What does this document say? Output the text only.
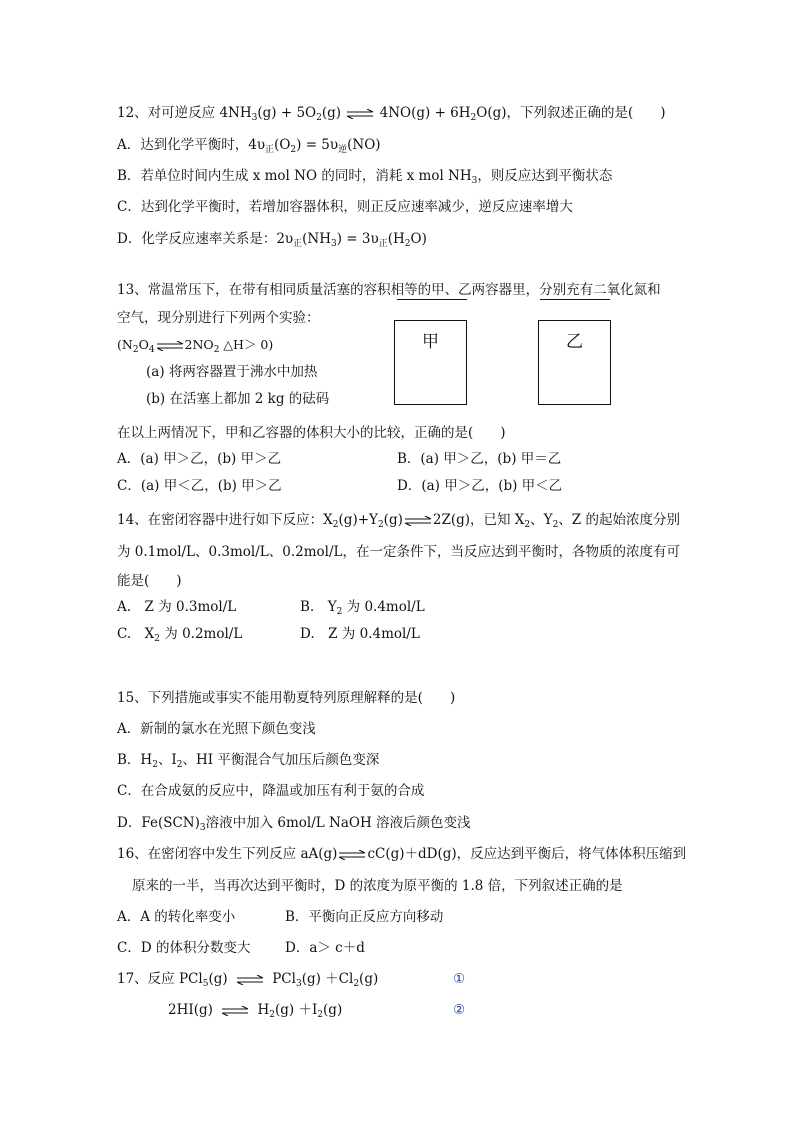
12、对可逆反应 $4NH_3(g) + 5O_2(g)$ ⇌ $4NO(g) + 6H_2O(g)$，下列叙述正确的是(　　)
A．达到化学平衡时，$4\upsilon_正(O_2) = 5\upsilon_逆(NO)$
B．若单位时间内生成 x mol NO 的同时，消耗 x mol $NH_3$，则反应达到平衡状态
C．达到化学平衡时，若增加容器体积，则正反应速率减少，逆反应速率增大
D．化学反应速率关系是：$2\upsilon_正(NH_3) = 3\upsilon_正(H_2O)$
13、常温常压下，在带有相同质量活塞的容积相等的甲、乙两容器里，分别充有二氧化氮和
空气，现分别进行下列两个实验：
($N_2O_4\rightleftharpoons 2NO_2$ △H＞ 0)
(a) 将两容器置于沸水中加热
(b) 在活塞上都加 2 kg 的砝码
甲	乙
在以上两情况下，甲和乙容器的体积大小的比较，正确的是(　　)
A．(a) 甲＞乙，(b) 甲＞乙	B．(a) 甲＞乙，(b) 甲＝乙
C．(a) 甲＜乙，(b) 甲＞乙	D．(a) 甲＞乙，(b) 甲＜乙
14、在密闭容器中进行如下反应：$X_2(g)+Y_2(g)\rightleftharpoons 2Z(g)$，已知 $X_2$、$Y_2$、Z 的起始浓度分别
为 0.1mol/L、0.3mol/L、0.2mol/L，在一定条件下，当反应达到平衡时，各物质的浓度有可
能是(　　)
A.　Z 为 0.3mol/L	B.　$Y_2$ 为 0.4mol/L
C.　$X_2$ 为 0.2mol/L	D.　Z 为 0.4mol/L
15、下列措施或事实不能用勒夏特列原理解释的是(　　)
A．新制的氯水在光照下颜色变浅
B．$H_2$、$I_2$、HI 平衡混合气加压后颜色变深
C．在合成氨的反应中，降温或加压有利于氨的合成
D．$Fe(SCN)_3$溶液中加入 6mol/L NaOH 溶液后颜色变浅
16、在密闭容中发生下列反应 aA(g)⇌cC(g)＋dD(g)，反应达到平衡后，将气体体积压缩到
原来的一半，当再次达到平衡时，D 的浓度为原平衡的 1.8 倍，下列叙述正确的是
A．A 的转化率变小	B．平衡向正反应方向移动
C．D 的体积分数变大	D．a＞ c＋d
17、反应 PCl$_5$(g) ⇌ $PCl_3(g) +Cl_2(g)$	①
2HI(g) ⇌ $H_2(g) +I_2(g)$	②
